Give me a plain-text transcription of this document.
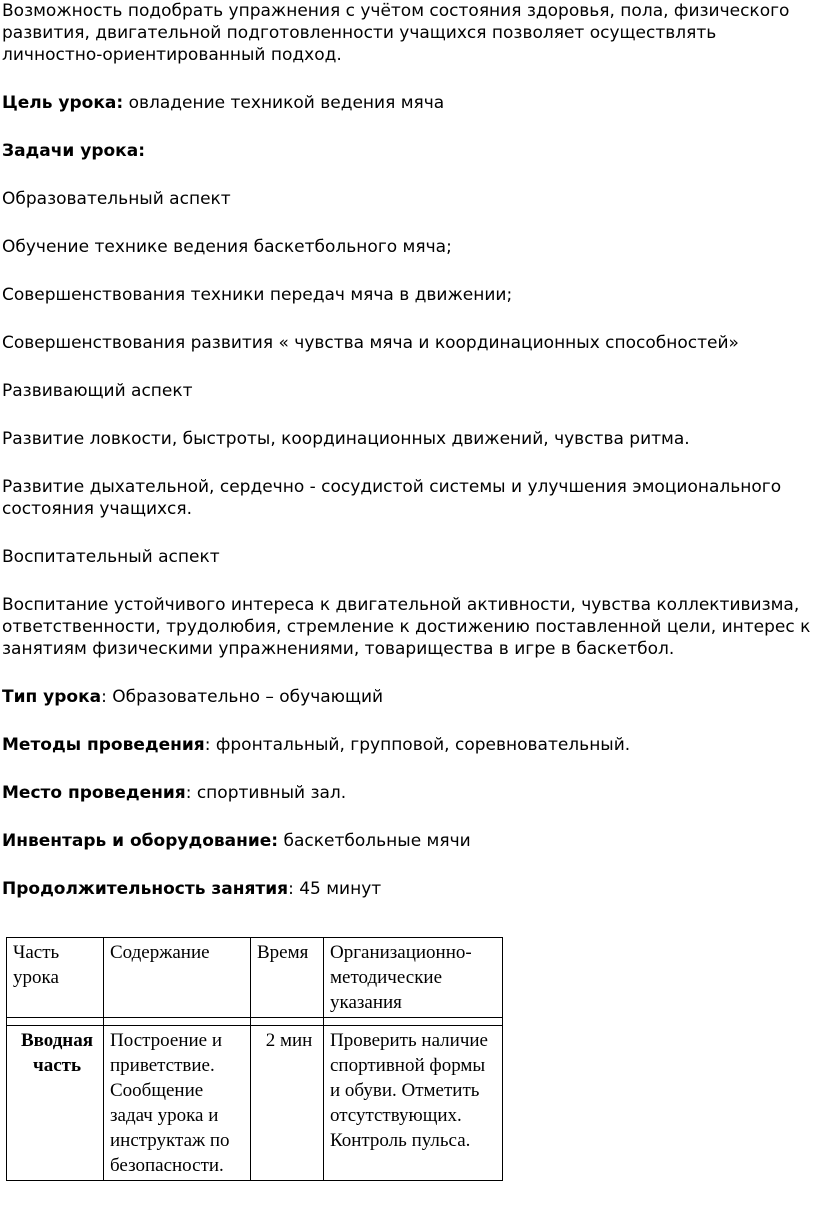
Возможность подобрать упражнения с учётом состояния здоровья, пола, физического развития, двигательной подготовленности учащихся позволяет осуществлять личностно-ориентированный подход.

Цель урока: овладение техникой ведения мяча

Задачи урока:

Образовательный аспект

Обучение технике ведения баскетбольного мяча;

Совершенствования техники передач мяча в движении;

Совершенствования развития « чувства мяча и координационных способностей»

Развивающий аспект

Развитие ловкости, быстроты, координационных движений, чувства ритма.

Развитие дыхательной, сердечно - сосудистой системы и улучшения эмоционального состояния учащихся.

Воспитательный аспект

Воспитание устойчивого интереса к двигательной активности, чувства коллективизма, ответственности, трудолюбия, стремление к достижению поставленной цели, интерес к занятиям физическими упражнениями, товарищества в игре в баскетбол.

Тип урока: Образовательно – обучающий

Методы проведения: фронтальный, групповой, соревновательный.

Место проведения: спортивный зал.

Инвентарь и оборудование: баскетбольные мячи

Продолжительность занятия: 45 минут

Часть урока	Содержание	Время	Организационно-методические указания

Вводная часть	Построение и приветствие. Сообщение задач урока и инструктаж по безопасности.	2 мин	Проверить наличие спортивной формы и обуви. Отметить отсутствующих. Контроль пульса.
